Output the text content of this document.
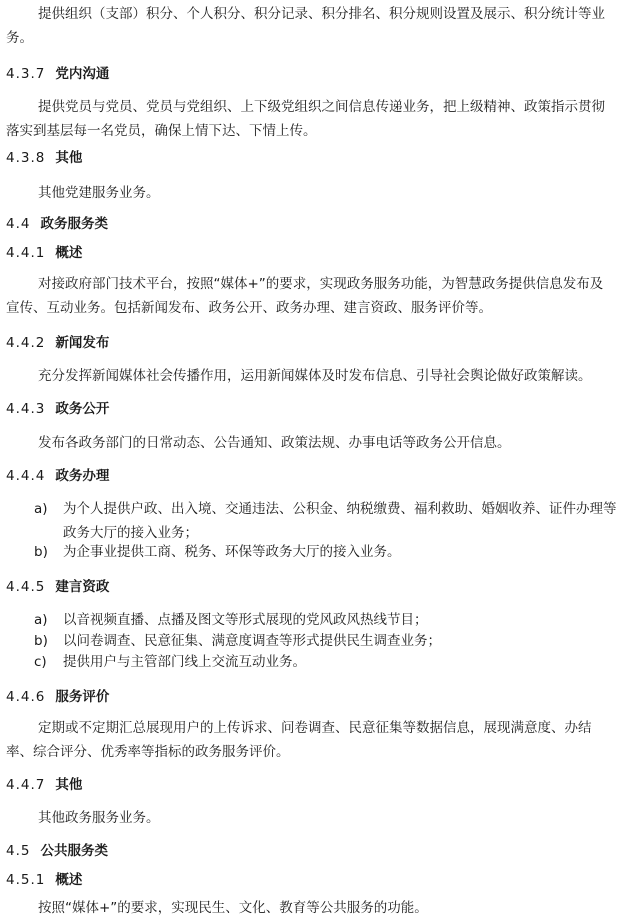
提供组织（支部）积分、个人积分、积分记录、积分排名、积分规则设置及展示、积分统计等业
务。
4.3.7 党内沟通
提供党员与党员、党员与党组织、上下级党组织之间信息传递业务，把上级精神、政策指示贯彻
落实到基层每一名党员，确保上情下达、下情上传。
4.3.8 其他
其他党建服务业务。
4.4 政务服务类
4.4.1 概述
对接政府部门技术平台，按照“媒体+”的要求，实现政务服务功能，为智慧政务提供信息发布及
宣传、互动业务。包括新闻发布、政务公开、政务办理、建言资政、服务评价等。
4.4.2 新闻发布
充分发挥新闻媒体社会传播作用，运用新闻媒体及时发布信息、引导社会舆论做好政策解读。
4.4.3 政务公开
发布各政务部门的日常动态、公告通知、政策法规、办事电话等政务公开信息。
4.4.4 政务办理
a) 为个人提供户政、出入境、交通违法、公积金、纳税缴费、福利救助、婚姻收养、证件办理等
政务大厅的接入业务；
b) 为企事业提供工商、税务、环保等政务大厅的接入业务。
4.4.5 建言资政
a) 以音视频直播、点播及图文等形式展现的党风政风热线节目；
b) 以问卷调查、民意征集、满意度调查等形式提供民生调查业务；
c) 提供用户与主管部门线上交流互动业务。
4.4.6 服务评价
定期或不定期汇总展现用户的上传诉求、问卷调查、民意征集等数据信息，展现满意度、办结
率、综合评分、优秀率等指标的政务服务评价。
4.4.7 其他
其他政务服务业务。
4.5 公共服务类
4.5.1 概述
按照“媒体+”的要求，实现民生、文化、教育等公共服务的功能。
